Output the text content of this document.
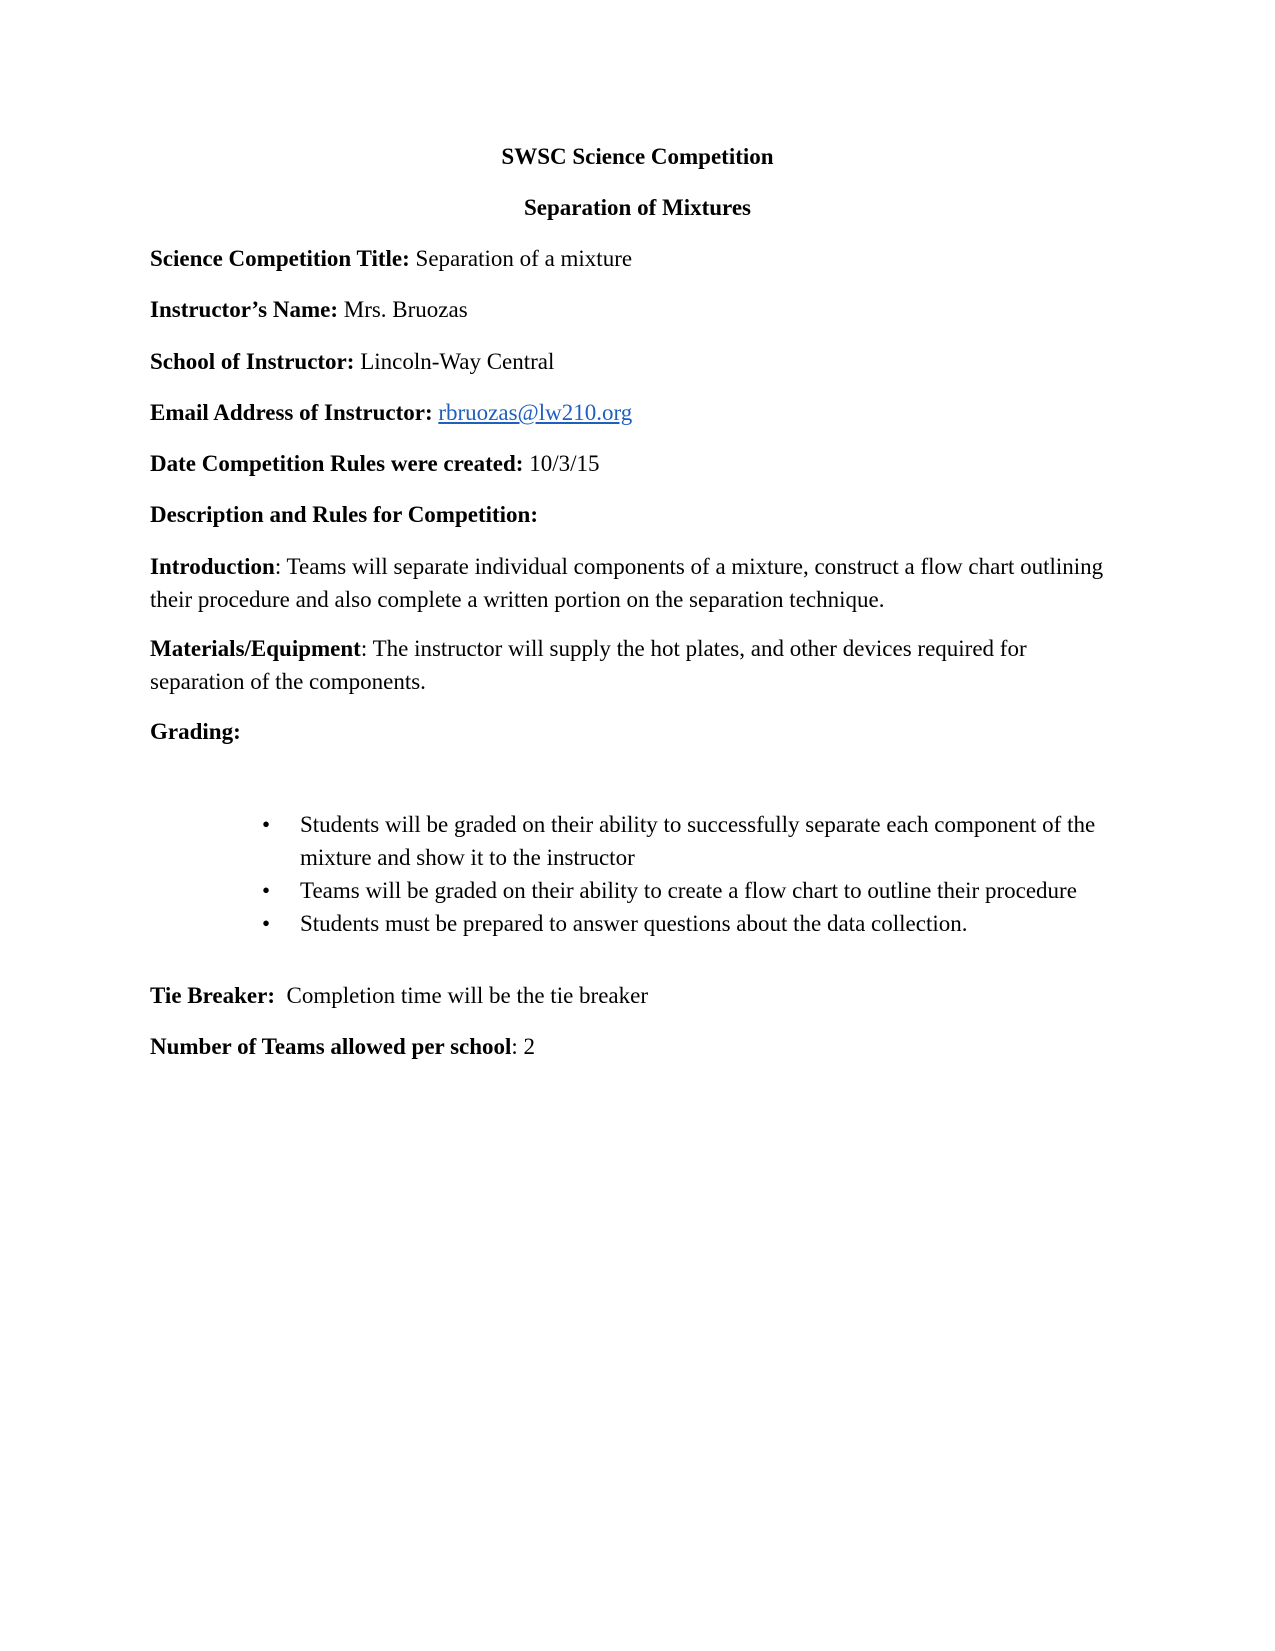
SWSC Science Competition
Separation of Mixtures
Science Competition Title: Separation of a mixture
Instructor’s Name: Mrs. Bruozas
School of Instructor: Lincoln-Way Central
Email Address of Instructor: rbruozas@lw210.org
Date Competition Rules were created: 10/3/15
Description and Rules for Competition:
Introduction: Teams will separate individual components of a mixture, construct a flow chart outlining their procedure and also complete a written portion on the separation technique.
Materials/Equipment: The instructor will supply the hot plates, and other devices required for separation of the components.
Grading:
•	Students will be graded on their ability to successfully separate each component of the mixture and show it to the instructor
•	Teams will be graded on their ability to create a flow chart to outline their procedure
•	Students must be prepared to answer questions about the data collection.
Tie Breaker: Completion time will be the tie breaker
Number of Teams allowed per school: 2
